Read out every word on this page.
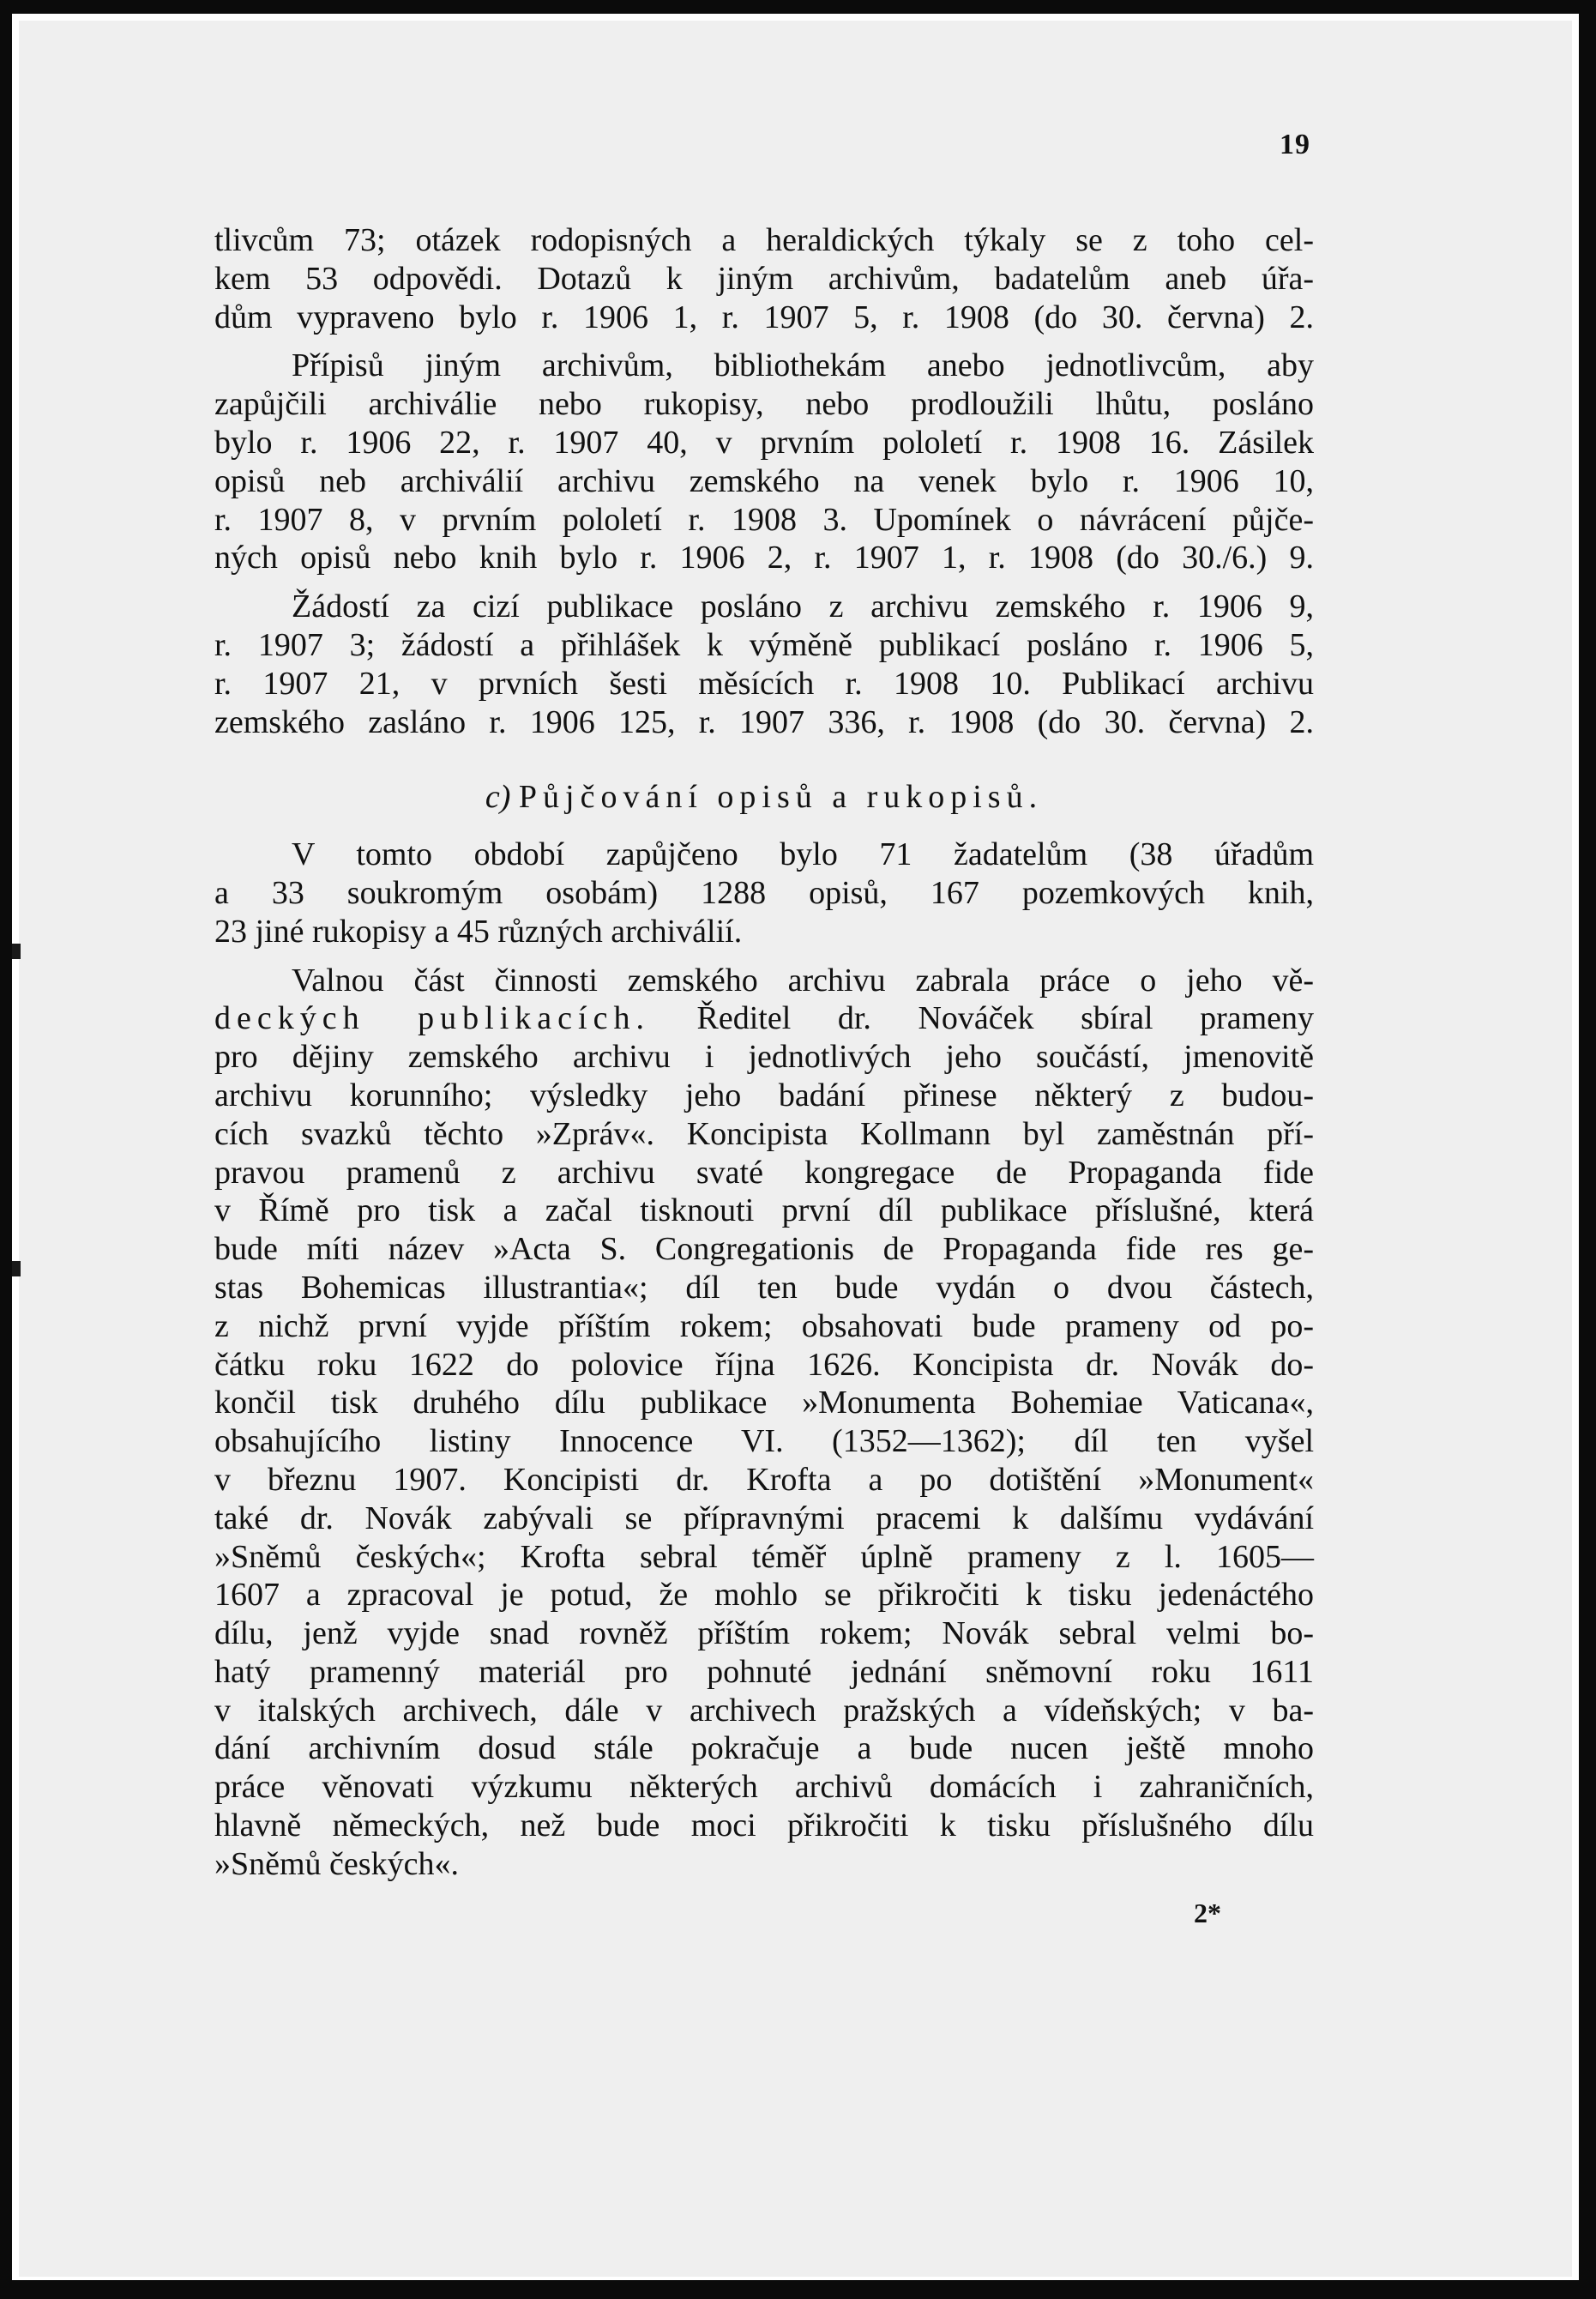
19
tlivcům 73; otázek rodopisných a heraldických týkaly se z toho cel-
kem 53 odpovědi. Dotazů k jiným archivům, badatelům aneb úřa-
dům vypraveno bylo r. 1906 1, r. 1907 5, r. 1908 (do 30. června) 2.
Přípisů jiným archivům, bibliothekám anebo jednotlivcům, aby
zapůjčili archiválie nebo rukopisy, nebo prodloužili lhůtu, posláno
bylo r. 1906 22, r. 1907 40, v prvním pololetí r. 1908 16. Zásilek
opisů neb archiválií archivu zemského na venek bylo r. 1906 10,
r. 1907 8, v prvním pololetí r. 1908 3. Upomínek o návrácení půjče-
ných opisů nebo knih bylo r. 1906 2, r. 1907 1, r. 1908 (do 30./6.) 9.
Žádostí za cizí publikace posláno z archivu zemského r. 1906 9,
r. 1907 3; žádostí a přihlášek k výměně publikací posláno r. 1906 5,
r. 1907 21, v prvních šesti měsících r. 1908 10. Publikací archivu
zemského zasláno r. 1906 125, r. 1907 336, r. 1908 (do 30. června) 2.
c) Půjčování opisů a rukopisů.
V tomto období zapůjčeno bylo 71 žadatelům (38 úřadům
a 33 soukromým osobám) 1288 opisů, 167 pozemkových knih,
23 jiné rukopisy a 45 různých archiválií.
Valnou část činnosti zemského archivu zabrala práce o jeho vě-
deckých publikacích. Ředitel dr. Nováček sbíral prameny
pro dějiny zemského archivu i jednotlivých jeho součástí, jmenovitě
archivu korunního; výsledky jeho badání přinese některý z budou-
cích svazků těchto »Zpráv«. Koncipista Kollmann byl zaměstnán pří-
pravou pramenů z archivu svaté kongregace de Propaganda fide
v Římě pro tisk a začal tisknouti první díl publikace příslušné, která
bude míti název »Acta S. Congregationis de Propaganda fide res ge-
stas Bohemicas illustrantia«; díl ten bude vydán o dvou částech,
z nichž první vyjde příštím rokem; obsahovati bude prameny od po-
čátku roku 1622 do polovice října 1626. Koncipista dr. Novák do-
končil tisk druhého dílu publikace »Monumenta Bohemiae Vaticana«,
obsahujícího listiny Innocence VI. (1352—1362); díl ten vyšel
v březnu 1907. Koncipisti dr. Krofta a po dotištění »Monument«
také dr. Novák zabývali se přípravnými pracemi k dalšímu vydávání
»Sněmů českých«; Krofta sebral téměř úplně prameny z l. 1605—
1607 a zpracoval je potud, že mohlo se přikročiti k tisku jedenáctého
dílu, jenž vyjde snad rovněž příštím rokem; Novák sebral velmi bo-
hatý pramenný materiál pro pohnuté jednání sněmovní roku 1611
v italských archivech, dále v archivech pražských a vídeňských; v ba-
dání archivním dosud stále pokračuje a bude nucen ještě mnoho
práce věnovati výzkumu některých archivů domácích i zahraničních,
hlavně německých, než bude moci přikročiti k tisku příslušného dílu
»Sněmů českých«.
2*
